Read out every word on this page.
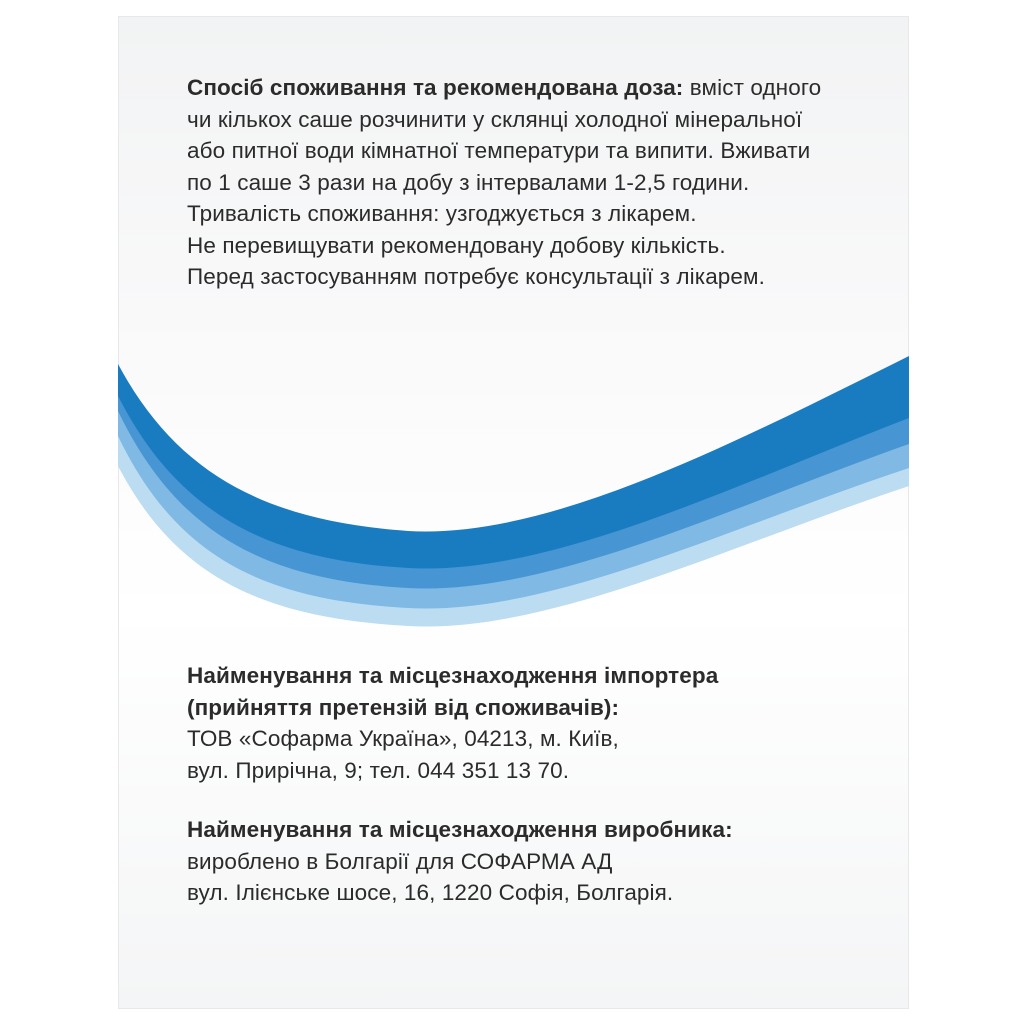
Спосіб споживання та рекомендована доза: вміст одного
чи кількох саше розчинити у склянці холодної мінеральної
або питної води кімнатної температури та випити. Вживати
по 1 саше 3 рази на добу з інтервалами 1-2,5 години.
Тривалість споживання: узгоджується з лікарем.
Не перевищувати рекомендовану добову кількість.
Перед застосуванням потребує консультації з лікарем.
Найменування та місцезнаходження імпортера
(прийняття претензій від споживачів):
ТОВ «Софарма Україна», 04213, м. Київ,
вул. Прирічна, 9; тел. 044 351 13 70.
Найменування та місцезнаходження виробника:
вироблено в Болгарії для СОФАРМА АД
вул. Ілієнське шосе, 16, 1220 Софія, Болгарія.
